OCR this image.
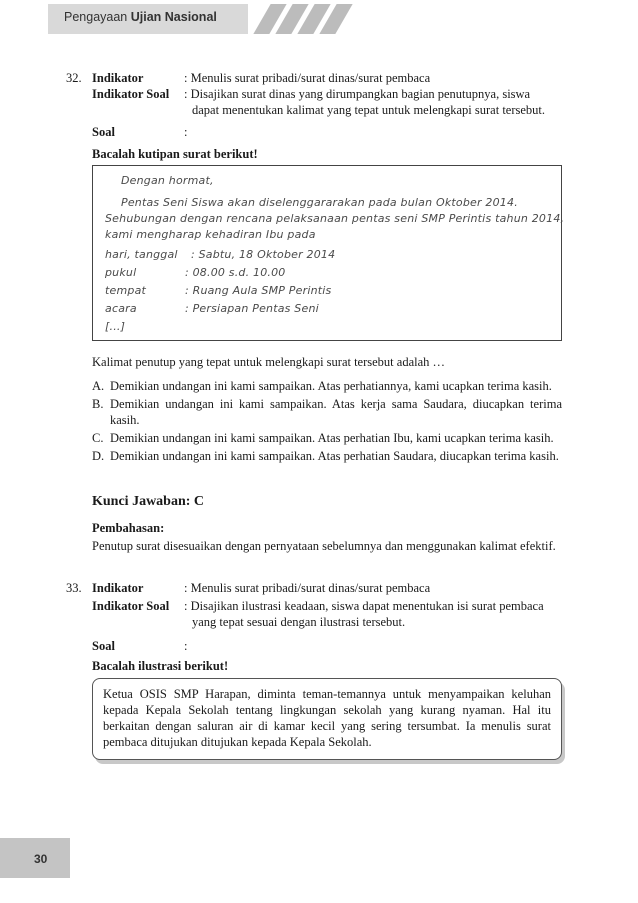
Pengayaan Ujian Nasional
32. Indikator	: Menulis surat pribadi/surat dinas/surat pembaca
Indikator Soal : Disajikan surat dinas yang dirumpangkan bagian penutupnya, siswa
dapat menentukan kalimat yang tepat untuk melengkapi surat tersebut.
Soal	:
Bacalah kutipan surat berikut!
Dengan hormat,
Pentas Seni Siswa akan diselenggararakan pada bulan Oktober 2014.
Sehubungan dengan rencana pelaksanaan pentas seni SMP Perintis tahun 2014,
kami mengharap kehadiran Ibu pada
hari, tanggal : Sabtu, 18 Oktober 2014
pukul	: 08.00 s.d. 10.00
tempat	: Ruang Aula SMP Perintis
acara	: Persiapan Pentas Seni
[...]
Kalimat penutup yang tepat untuk melengkapi surat tersebut adalah …
A. Demikian undangan ini kami sampaikan. Atas perhatiannya, kami ucapkan terima kasih.
B. Demikian undangan ini kami sampaikan. Atas kerja sama Saudara, diucapkan terima kasih.
C. Demikian undangan ini kami sampaikan. Atas perhatian Ibu, kami ucapkan terima kasih.
D. Demikian undangan ini kami sampaikan. Atas perhatian Saudara, diucapkan terima kasih.
Kunci Jawaban: C
Pembahasan:
Penutup surat disesuaikan dengan pernyataan sebelumnya dan menggunakan kalimat efektif.
33. Indikator	: Menulis surat pribadi/surat dinas/surat pembaca
Indikator Soal : Disajikan ilustrasi keadaan, siswa dapat menentukan isi surat pembaca
yang tepat sesuai dengan ilustrasi tersebut.
Soal	:
Bacalah ilustrasi berikut!
Ketua OSIS SMP Harapan, diminta teman-temannya untuk menyampaikan keluhan kepada Kepala Sekolah tentang lingkungan sekolah yang kurang nyaman. Hal itu berkaitan dengan saluran air di kamar kecil yang sering tersumbat. Ia menulis surat pembaca ditujukan ditujukan kepada Kepala Sekolah.
30
